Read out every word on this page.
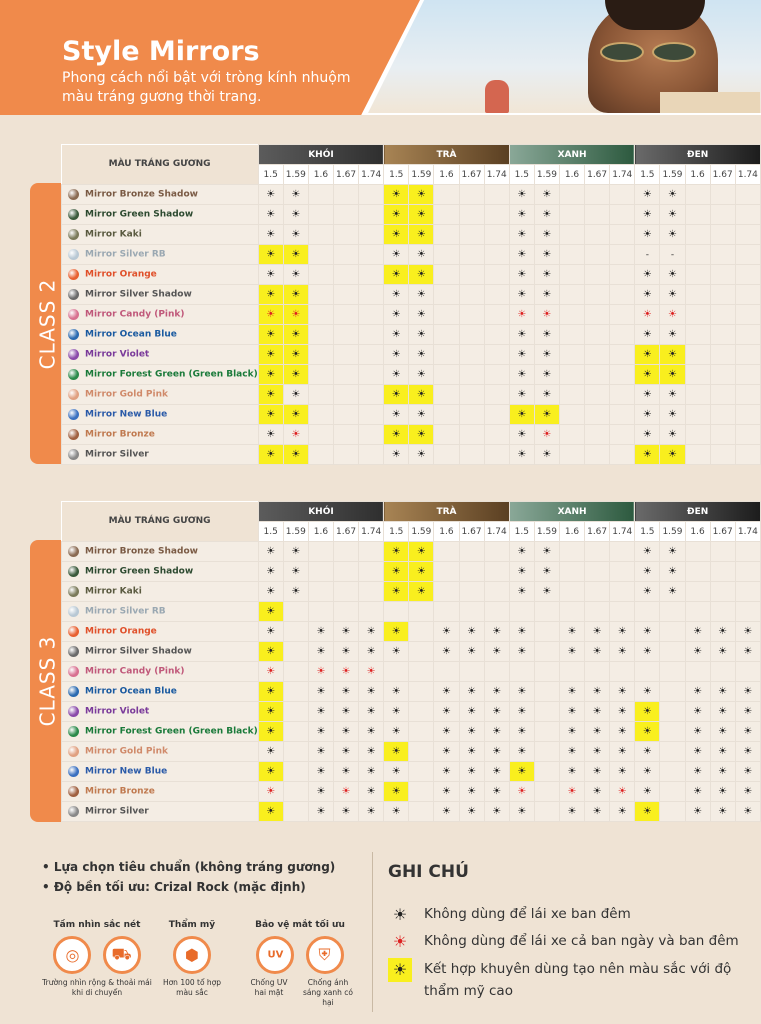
Style Mirrors
Phong cách nổi bật với tròng kính nhuộm màu tráng gương thời trang.
CLASS 2
MÀU TRÁNG GƯƠNG	KHÓI					TRÀ					XANH					ĐEN				
	1.5	1.59	1.6	1.67	1.74	1.5	1.59	1.6	1.67	1.74	1.5	1.59	1.6	1.67	1.74	1.5	1.59	1.6	1.67	1.74
Mirror Bronze Shadow	☀	☀				☀	☀				☀	☀				☀	☀			
Mirror Green Shadow	☀	☀				☀	☀				☀	☀				☀	☀			
Mirror Kaki	☀	☀				☀	☀				☀	☀				☀	☀			
Mirror Silver RB	☀	☀				☀	☀				☀	☀				-	-			
Mirror Orange	☀	☀				☀	☀				☀	☀				☀	☀			
Mirror Silver Shadow	☀	☀				☀	☀				☀	☀				☀	☀			
Mirror Candy (Pink)	☀	☀				☀	☀				☀	☀				☀	☀			
Mirror Ocean Blue	☀	☀				☀	☀				☀	☀				☀	☀			
Mirror Violet	☀	☀				☀	☀				☀	☀				☀	☀			
Mirror Forest Green (Green Black)	☀	☀				☀	☀				☀	☀				☀	☀			
Mirror Gold Pink	☀	☀				☀	☀				☀	☀				☀	☀			
Mirror New Blue	☀	☀				☀	☀				☀	☀				☀	☀			
Mirror Bronze	☀	☀				☀	☀				☀	☀				☀	☀			
Mirror Silver	☀	☀				☀	☀				☀	☀				☀	☀			
CLASS 3
MÀU TRÁNG GƯƠNG	KHÓI					TRÀ					XANH					ĐEN				
	1.5	1.59	1.6	1.67	1.74	1.5	1.59	1.6	1.67	1.74	1.5	1.59	1.6	1.67	1.74	1.5	1.59	1.6	1.67	1.74
Mirror Bronze Shadow	☀	☀				☀	☀				☀	☀				☀	☀			
Mirror Green Shadow	☀	☀				☀	☀				☀	☀				☀	☀			
Mirror Kaki	☀	☀				☀	☀				☀	☀				☀	☀			
Mirror Silver RB	☀																			
Mirror Orange	☀		☀	☀	☀	☀		☀	☀	☀	☀		☀	☀	☀	☀		☀	☀	☀
Mirror Silver Shadow	☀		☀	☀	☀	☀		☀	☀	☀	☀		☀	☀	☀	☀		☀	☀	☀
Mirror Candy (Pink)	☀		☀	☀	☀															
Mirror Ocean Blue	☀		☀	☀	☀	☀		☀	☀	☀	☀		☀	☀	☀	☀		☀	☀	☀
Mirror Violet	☀		☀	☀	☀	☀		☀	☀	☀	☀		☀	☀	☀	☀		☀	☀	☀
Mirror Forest Green (Green Black)	☀		☀	☀	☀	☀		☀	☀	☀	☀		☀	☀	☀	☀		☀	☀	☀
Mirror Gold Pink	☀		☀	☀	☀	☀		☀	☀	☀	☀		☀	☀	☀	☀		☀	☀	☀
Mirror New Blue	☀		☀	☀	☀	☀		☀	☀	☀	☀		☀	☀	☀	☀		☀	☀	☀
Mirror Bronze	☀		☀	☀	☀	☀		☀	☀	☀	☀		☀	☀	☀	☀		☀	☀	☀
Mirror Silver	☀		☀	☀	☀	☀		☀	☀	☀	☀		☀	☀	☀	☀		☀	☀	☀
• Lựa chọn tiêu chuẩn (không tráng gương)
• Độ bền tối ưu: Crizal Rock (mặc định)
Tầm nhìn sắc nét
◎
⛟
Trường nhìn rộng & thoải mái khi di chuyển
Thẩm mỹ
⬢
Hơn 100 tổ hợp màu sắc
Bảo vệ mắt tối ưu
UV
⛨
Chống UV hai mặt
Chống ánh sáng xanh có hại
GHI CHÚ
☀ Không dùng để lái xe ban đêm
☀ Không dùng để lái xe cả ban ngày và ban đêm
☀ Kết hợp khuyên dùng tạo nên màu sắc với độ thẩm mỹ cao
